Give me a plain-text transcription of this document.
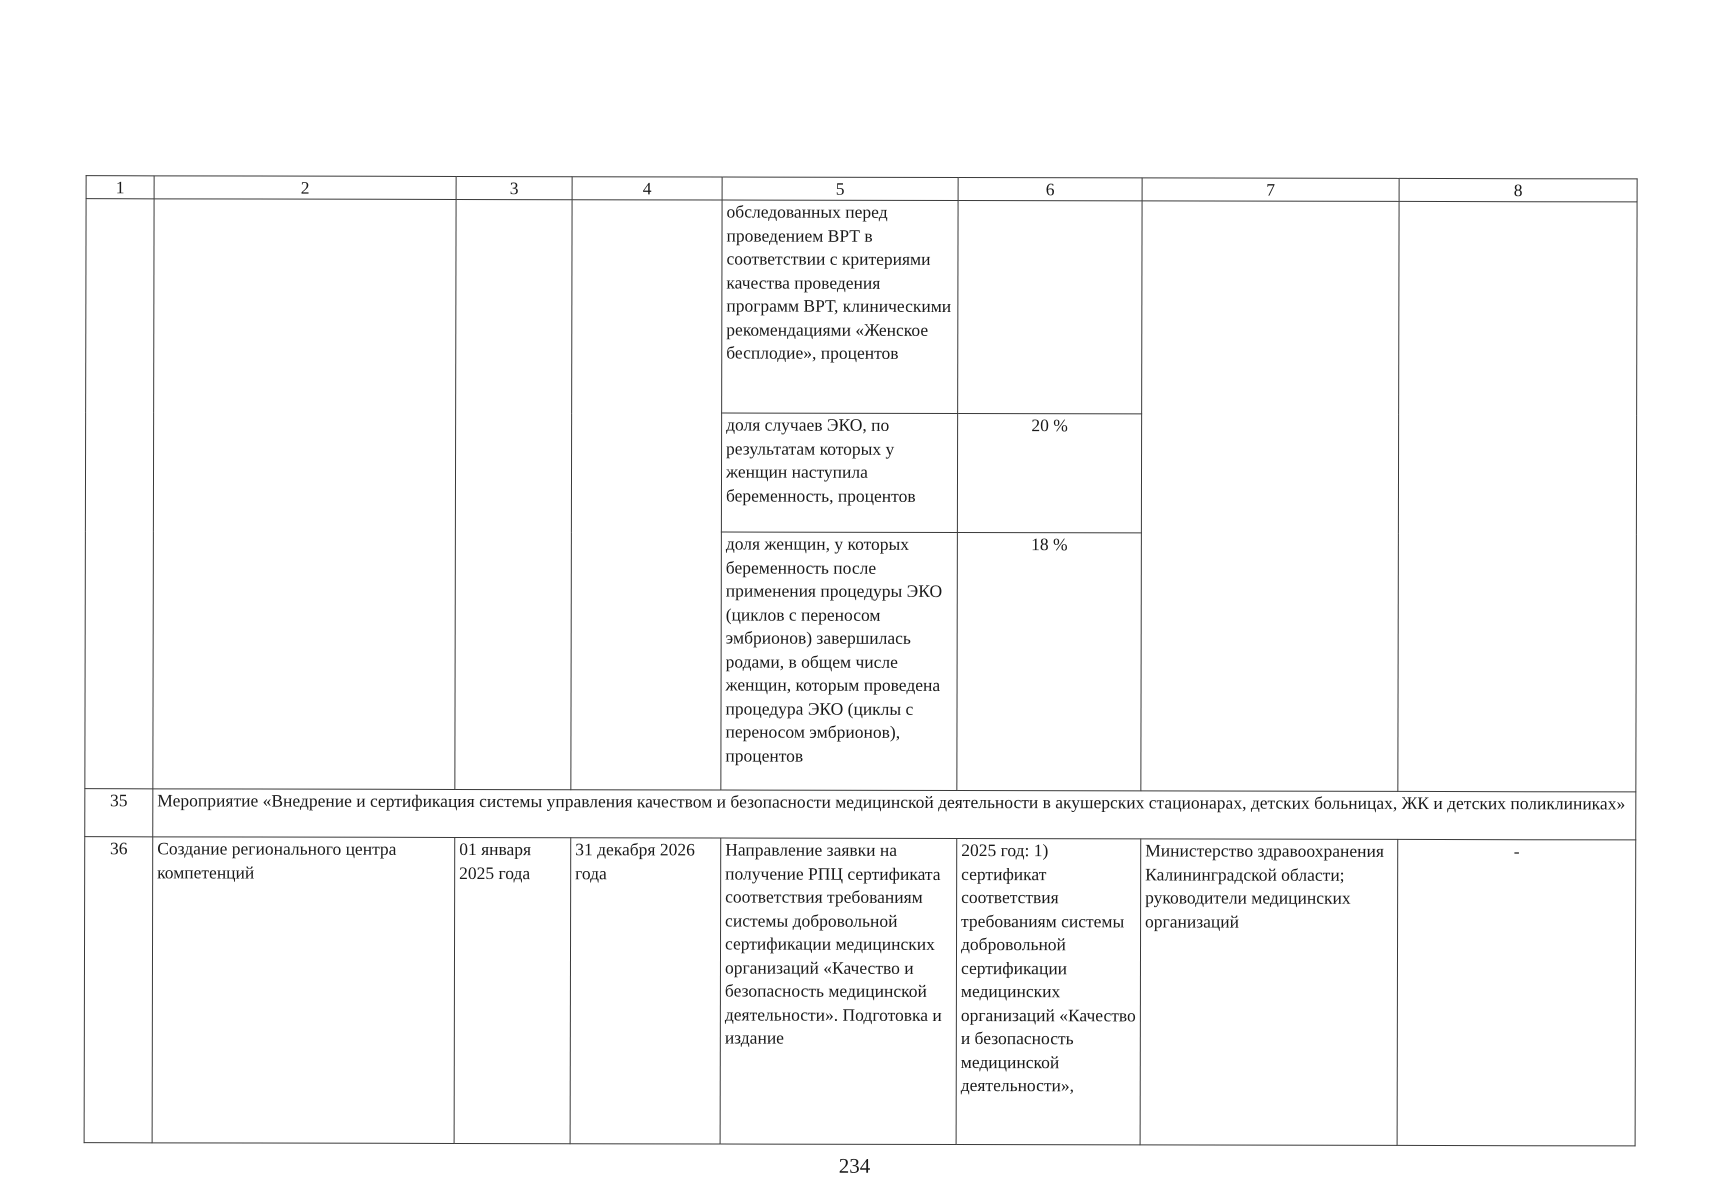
1	2	3	4	5	6	7	8
				обследованных перед проведением ВРТ в соответствии с критериями качества проведения программ ВРТ, клиническими рекомендациями «Женское бесплодие», процентов			
				доля случаев ЭКО, по результатам которых у женщин наступила беременность, процентов	20 %		
				доля женщин, у которых беременность после применения процедуры ЭКО (циклов с переносом эмбрионов) завершилась родами, в общем числе женщин, которым проведена процедура ЭКО (циклы с переносом эмбрионов), процентов	18 %		
35	Мероприятие «Внедрение и сертификация системы управления качеством и безопасности медицинской деятельности в акушерских стационарах, детских больницах, ЖК и детских поликлиниках»						
36	Создание регионального центра компетенций	01 января 2025 года	31 декабря 2026 года	Направление заявки на получение РПЦ сертификата соответствия требованиям системы добровольной сертификации медицинских организаций «Качество и безопасность медицинской деятельности». Подготовка и издание	2025 год: 1) сертификат соответствия требованиям системы добровольной сертификации медицинских организаций «Качество и безопасность медицинской деятельности»,	Министерство здравоохранения Калининградской области; руководители медицинских организаций	-
234
